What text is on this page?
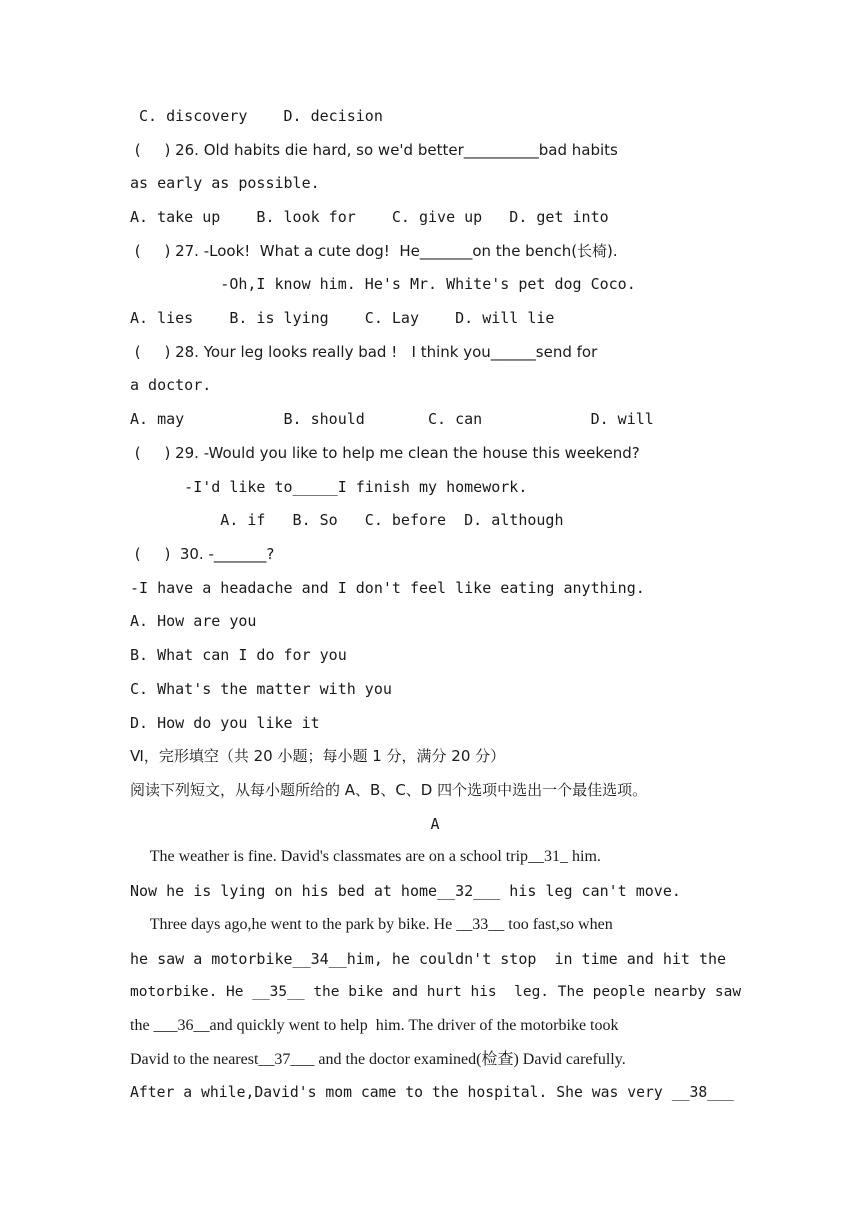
C. discovery    D. decision
(     ) 26. Old habits die hard, so we'd better__________bad habits
as early as possible.
A. take up    B. look for    C. give up   D. get into
(     ) 27. -Look!  What a cute dog!  He_______on the bench(长椅).
-Oh,I know him. He's Mr. White's pet dog Coco.
A. lies    B. is lying    C. Lay    D. will lie
(     ) 28. Your leg looks really bad !   I think you______send for
a doctor.
A. may           B. should       C. can            D. will
(     ) 29. -Would you like to help me clean the house this weekend?
-I'd like to_____I finish my homework.
A. if   B. So   C. before  D. although
(     )  30. -_______?
-I have a headache and I don't feel like eating anything.
A. How are you
B. What can I do for you
C. What's the matter with you
D. How do you like it
Ⅵ，完形填空（共 20 小题；每小题 1 分，满分 20 分）
阅读下列短文，从每小题所给的 A、B、C、D 四个选项中选出一个最佳选项。
A
The weather is fine. David's classmates are on a school trip__31_ him.
Now he is lying on his bed at home__32___ his leg can't move.
Three days ago,he went to the park by bike. He __33__ too fast,so when
he saw a motorbike__34__him, he couldn't stop  in time and hit the
motorbike. He __35__ the bike and hurt his  leg. The people nearby saw
the ___36__and quickly went to help  him. The driver of the motorbike took
David to the nearest__37___ and the doctor examined(检查) David carefully.
After a while,David's mom came to the hospital. She was very __38___
